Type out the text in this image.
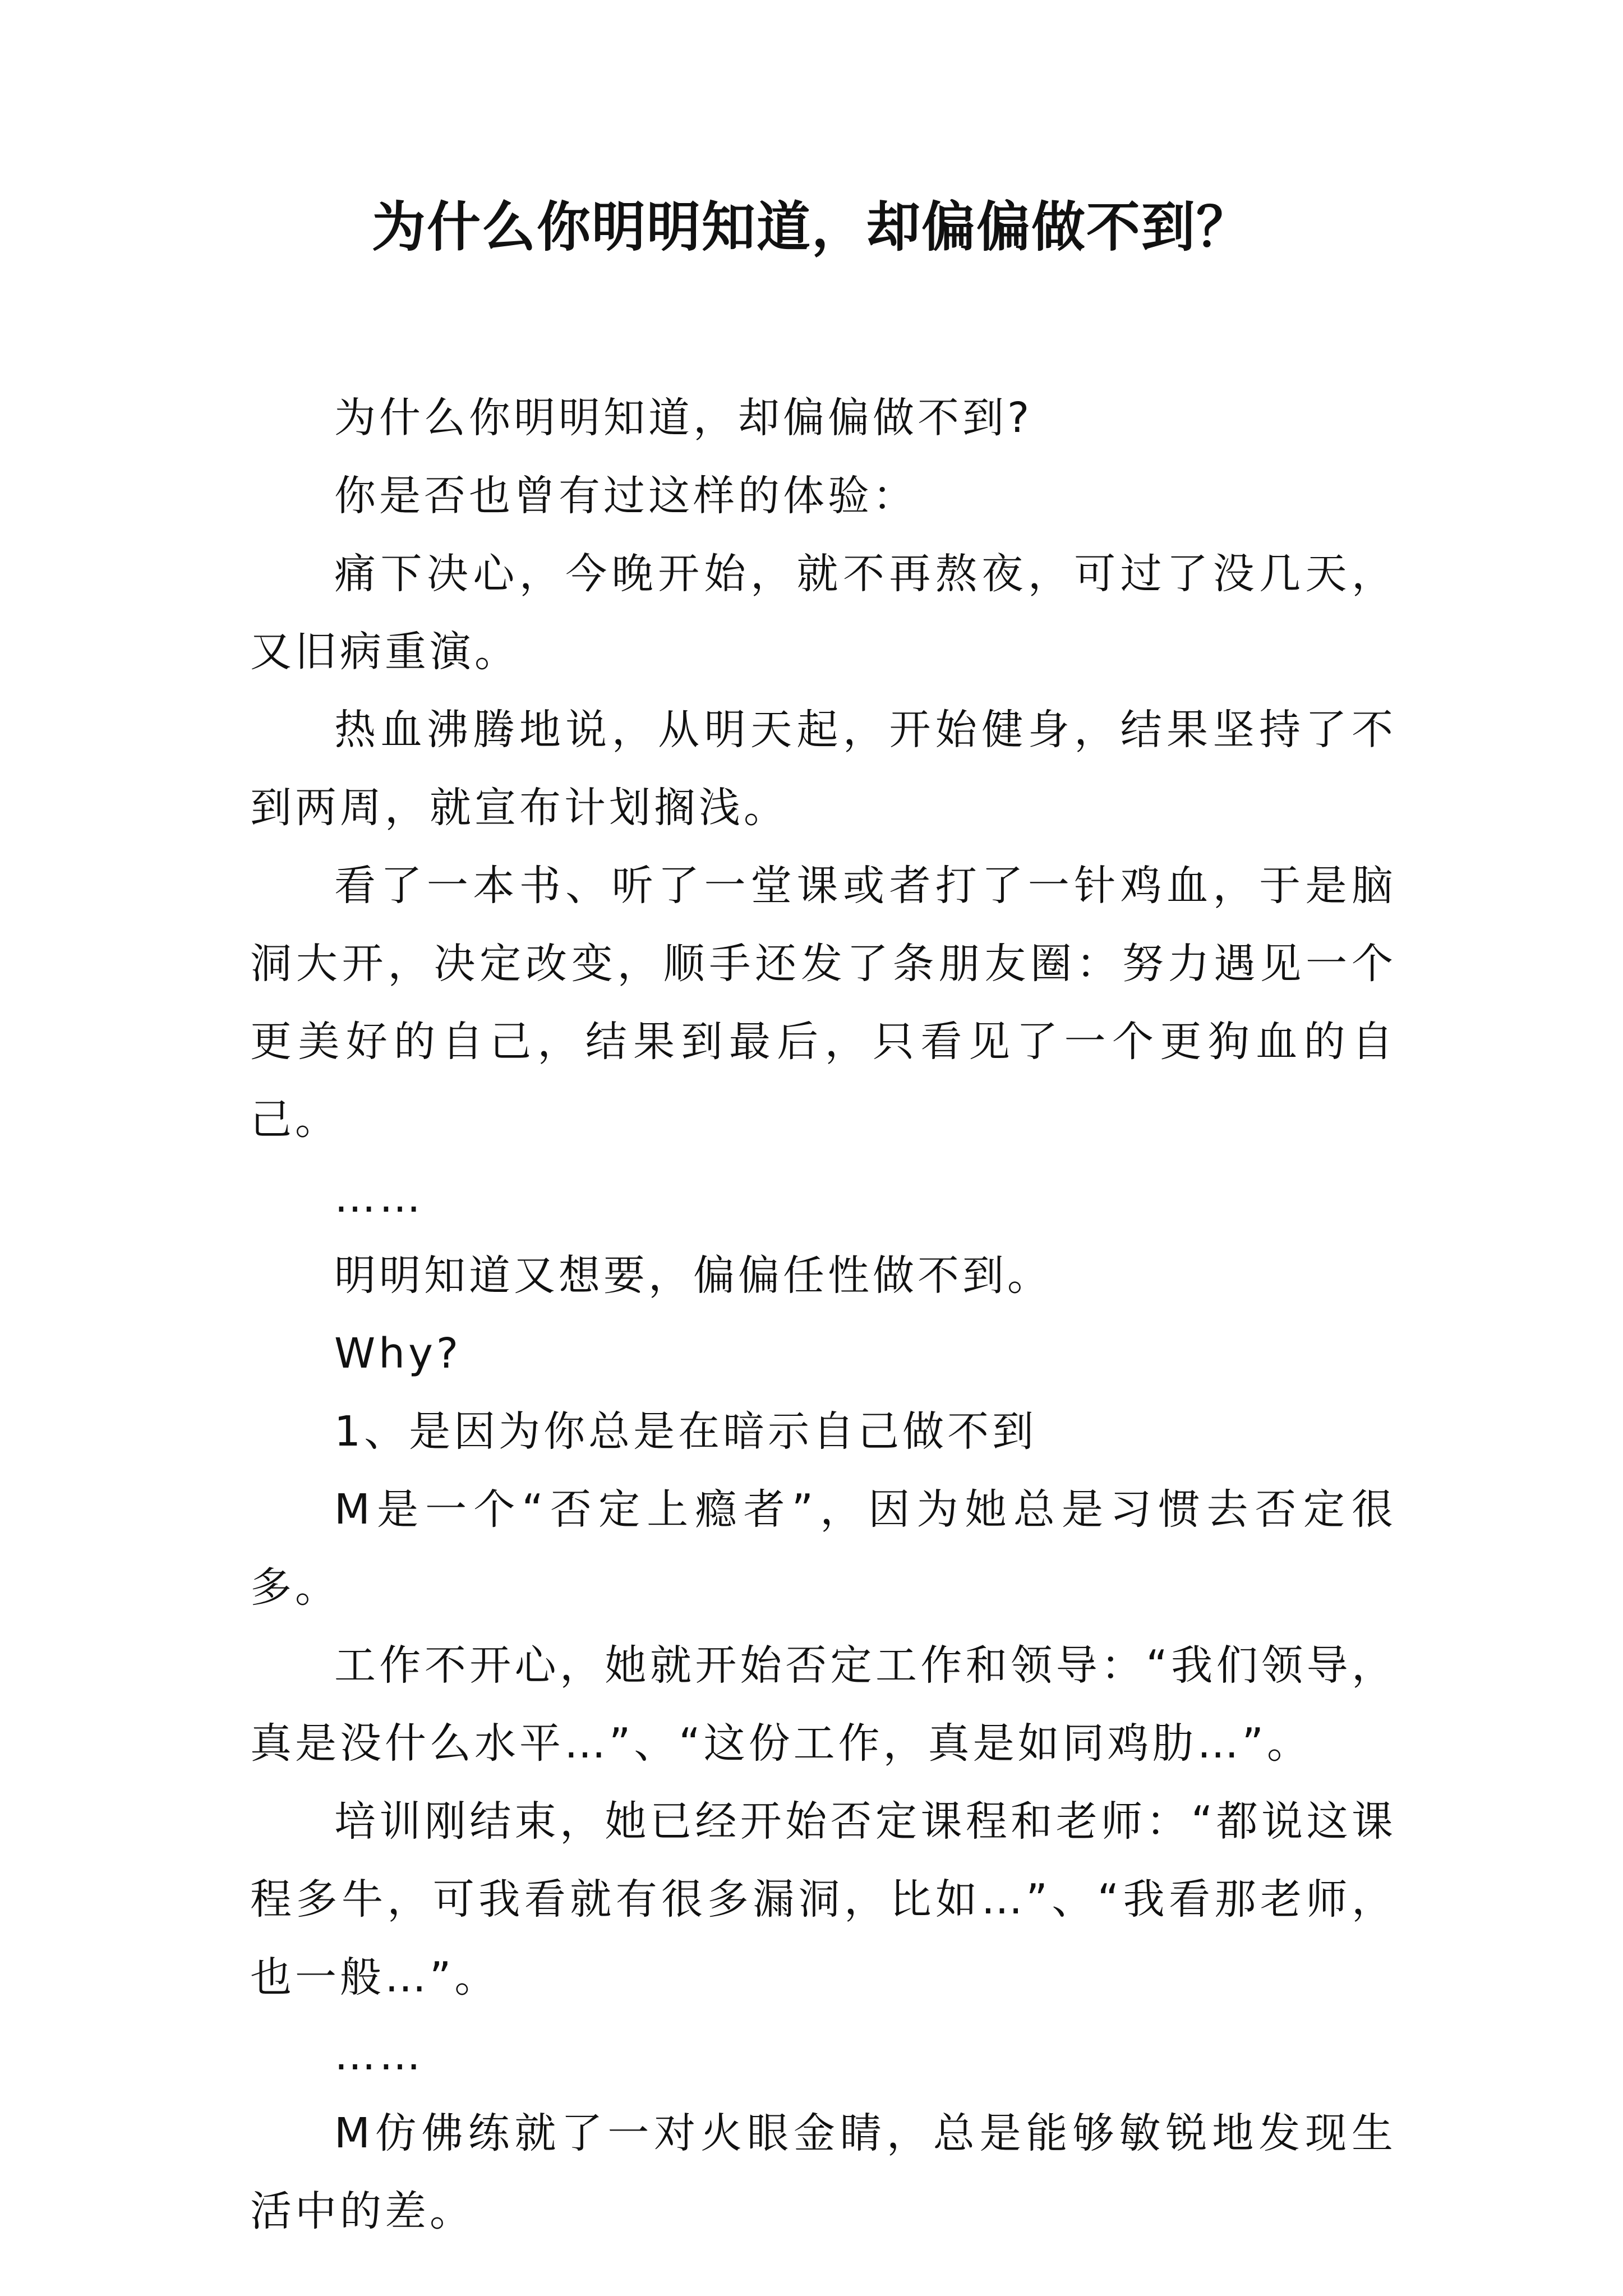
为什么你明明知道，却偏偏做不到？

为什么你明明知道，却偏偏做不到?

你是否也曾有过这样的体验：

痛下决心，今晚开始，就不再熬夜，可过了没几天，又旧病重演。

热血沸腾地说，从明天起，开始健身，结果坚持了不到两周，就宣布计划搁浅。

看了一本书、听了一堂课或者打了一针鸡血，于是脑洞大开，决定改变，顺手还发了条朋友圈：努力遇见一个更美好的自己，结果到最后，只看见了一个更狗血的自己。

……

明明知道又想要，偏偏任性做不到。

Why?

1、是因为你总是在暗示自己做不到

M是一个“否定上瘾者”，因为她总是习惯去否定很多。

工作不开心，她就开始否定工作和领导：“我们领导，真是没什么水平…”、“这份工作，真是如同鸡肋…”。

培训刚结束，她已经开始否定课程和老师：“都说这课程多牛，可我看就有很多漏洞，比如…”、“我看那老师，也一般…”。

……

M仿佛练就了一对火眼金睛，总是能够敏锐地发现生活中的差。
